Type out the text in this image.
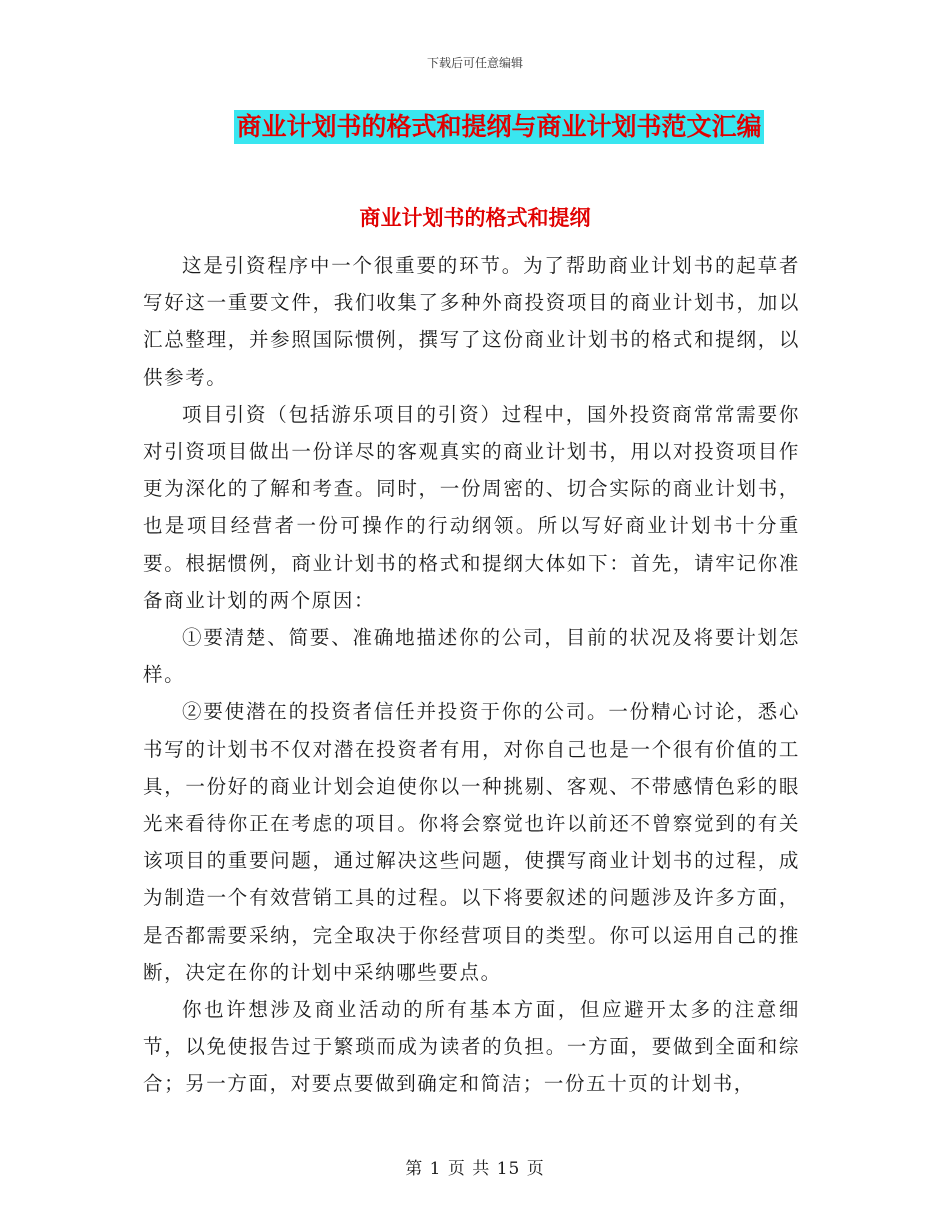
下载后可任意编辑
商业计划书的格式和提纲与商业计划书范文汇编
商业计划书的格式和提纲

这是引资程序中一个很重要的环节。为了帮助商业计划书的起草者写好这一重要文件，我们收集了多种外商投资项目的商业计划书，加以汇总整理，并参照国际惯例，撰写了这份商业计划书的格式和提纲，以供参考。

项目引资（包括游乐项目的引资）过程中，国外投资商常常需要你对引资项目做出一份详尽的客观真实的商业计划书，用以对投资项目作更为深化的了解和考查。同时，一份周密的、切合实际的商业计划书，也是项目经营者一份可操作的行动纲领。所以写好商业计划书十分重要。根据惯例，商业计划书的格式和提纲大体如下：首先，请牢记你准备商业计划的两个原因：

①要清楚、简要、准确地描述你的公司，目前的状况及将要计划怎样。

②要使潜在的投资者信任并投资于你的公司。一份精心讨论，悉心书写的计划书不仅对潜在投资者有用，对你自己也是一个很有价值的工具，一份好的商业计划会迫使你以一种挑剔、客观、不带感情色彩的眼光来看待你正在考虑的项目。你将会察觉也许以前还不曾察觉到的有关该项目的重要问题，通过解决这些问题，使撰写商业计划书的过程，成为制造一个有效营销工具的过程。以下将要叙述的问题涉及许多方面，是否都需要采纳，完全取决于你经营项目的类型。你可以运用自己的推断，决定在你的计划中采纳哪些要点。

你也许想涉及商业活动的所有基本方面，但应避开太多的注意细节，以免使报告过于繁琐而成为读者的负担。一方面，要做到全面和综合；另一方面，对要点要做到确定和简洁；一份五十页的计划书，

第 1 页 共 15 页
